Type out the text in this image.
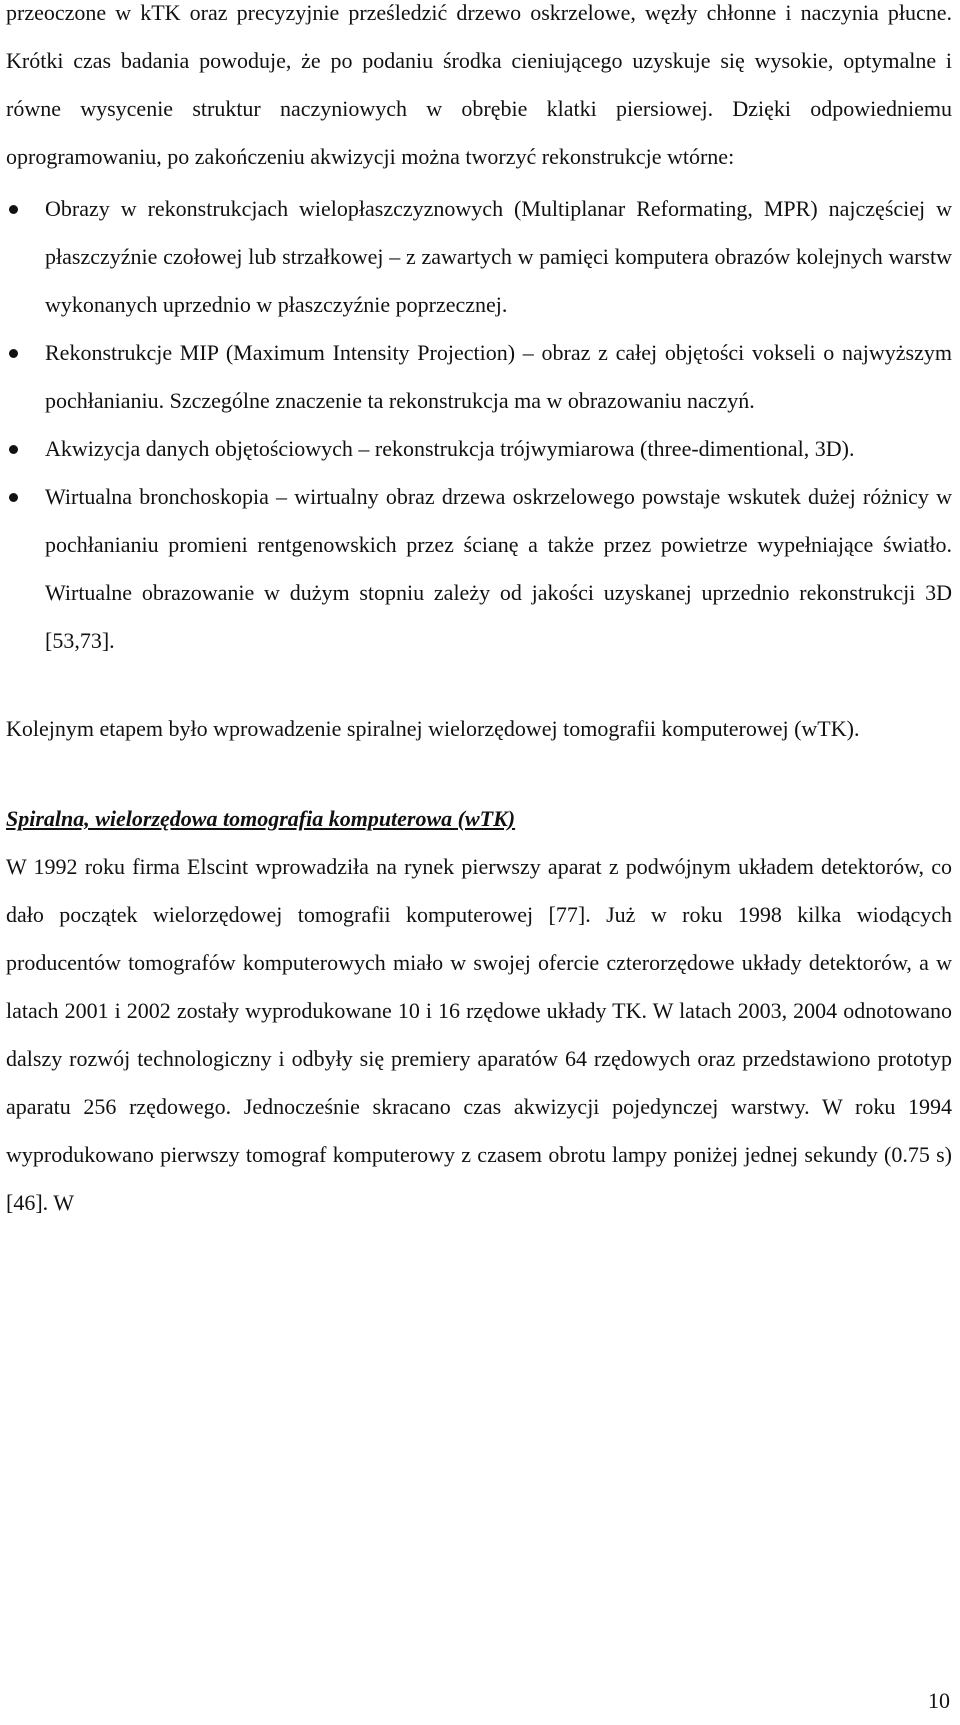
przeoczone w kTK oraz precyzyjnie prześledzić drzewo oskrzelowe, węzły chłonne i naczynia płucne. Krótki czas badania powoduje, że po podaniu środka cieniującego uzyskuje się wysokie, optymalne i równe wysycenie struktur naczyniowych w obrębie klatki piersiowej. Dzięki odpowiedniemu oprogramowaniu, po zakończeniu akwizycji można tworzyć rekonstrukcje wtórne:

Obrazy w rekonstrukcjach wielopłaszczyznowych (Multiplanar Reformating, MPR) najczęściej w płaszczyźnie czołowej lub strzałkowej – z zawartych w pamięci komputera obrazów kolejnych warstw wykonanych uprzednio w płaszczyźnie poprzecznej.
Rekonstrukcje MIP (Maximum Intensity Projection) – obraz z całej objętości vokseli o najwyższym pochłanianiu. Szczególne znaczenie ta rekonstrukcja ma w obrazowaniu naczyń.
Akwizycja danych objętościowych – rekonstrukcja trójwymiarowa (three-dimentional, 3D).
Wirtualna bronchoskopia – wirtualny obraz drzewa oskrzelowego powstaje wskutek dużej różnicy w pochłanianiu promieni rentgenowskich przez ścianę a także przez powietrze wypełniające światło. Wirtualne obrazowanie w dużym stopniu zależy od jakości uzyskanej uprzednio rekonstrukcji 3D [53,73].

Kolejnym etapem było wprowadzenie spiralnej wielorzędowej tomografii komputerowej (wTK).

Spiralna, wielorzędowa tomografia komputerowa (wTK)

W 1992 roku firma Elscint wprowadziła na rynek pierwszy aparat z podwójnym układem detektorów, co dało początek wielorzędowej tomografii komputerowej [77]. Już w roku 1998 kilka wiodących producentów tomografów komputerowych miało w swojej ofercie czterorzędowe układy detektorów, a w latach 2001 i 2002 zostały wyprodukowane 10 i 16 rzędowe układy TK. W latach 2003, 2004 odnotowano dalszy rozwój technologiczny i odbyły się premiery aparatów 64 rzędowych oraz przedstawiono prototyp aparatu 256 rzędowego. Jednocześnie skracano czas akwizycji pojedynczej warstwy. W roku 1994 wyprodukowano pierwszy tomograf komputerowy z czasem obrotu lampy poniżej jednej sekundy (0.75 s) [46]. W

10
